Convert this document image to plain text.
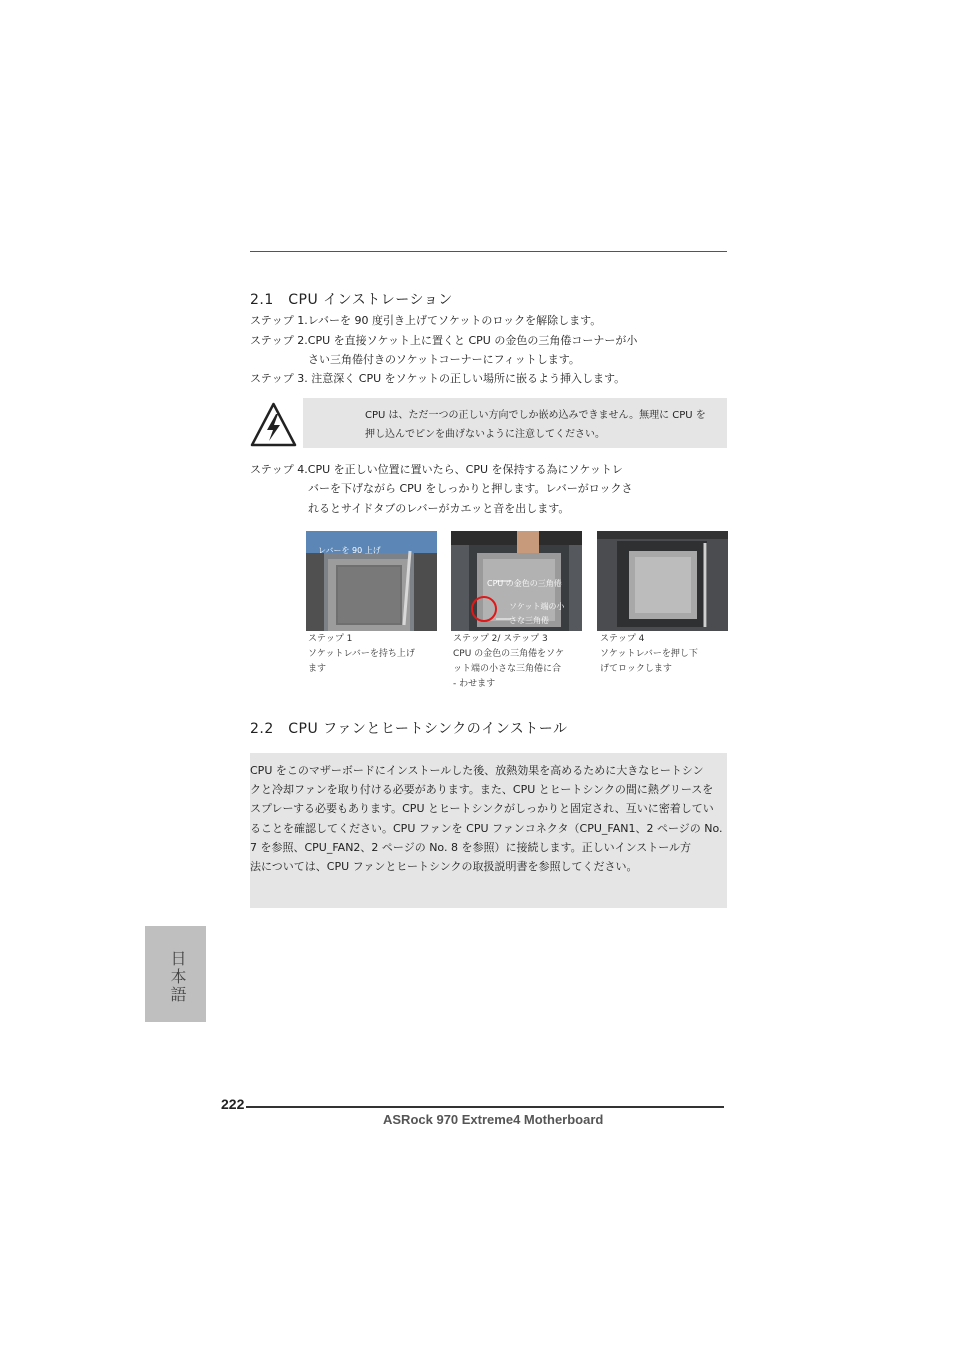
2.1　CPU インストレーション
ステップ 1.レバーを 90 度引き上げてソケットのロックを解除します。
ステップ 2.CPU を直接ソケット上に置くと CPU の金色の三角倦コーナーが小
さい三角倦付きのソケットコーナーにフィットします。
ステップ 3. 注意深く CPU をソケットの正しい場所に嵌るよう挿入します。
CPU は、ただ一つの正しい方向でしか嵌め込みできません。無理に CPU を
押し込んでピンを曲げないように注意してください。
ステップ 4.CPU を正しい位置に置いたら、CPU を保持する為にソケットレ
バーを下げながら CPU をしっかりと押します。レバーがロックさ
れるとサイドタブのレバーがカエッと音を出します。
レバーを 90 上げ
CPU の金色の三角倦
ソケット端の小
さな三角倦
ステップ 1
ソケットレバーを持ち上げ
ます
ステップ 2/ ステップ 3
CPU の金色の三角倦をソケ
ット端の小さな三角倦に合
- わせます
ステップ 4
ソケットレバーを押し下
げてロックします
2.2　CPU ファンとヒートシンクのインストール
CPU をこのマザーボードにインストールした後、放熱効果を高めるために大きなヒートシン
クと冷却ファンを取り付ける必要があります。また、CPU とヒートシンクの間に熱グリースを
スプレーする必要もあります。CPU とヒートシンクがしっかりと固定され、互いに密着してい
ることを確認してください。CPU ファンを CPU ファンコネクタ（CPU_FAN1、2 ページの No.
7 を参照、CPU_FAN2、2 ページの No. 8 を参照）に接続します。正しいインストール方
法については、CPU ファンとヒートシンクの取扱説明書を参照してください。
日本語
222
ASRock 970 Extreme4 Motherboard
